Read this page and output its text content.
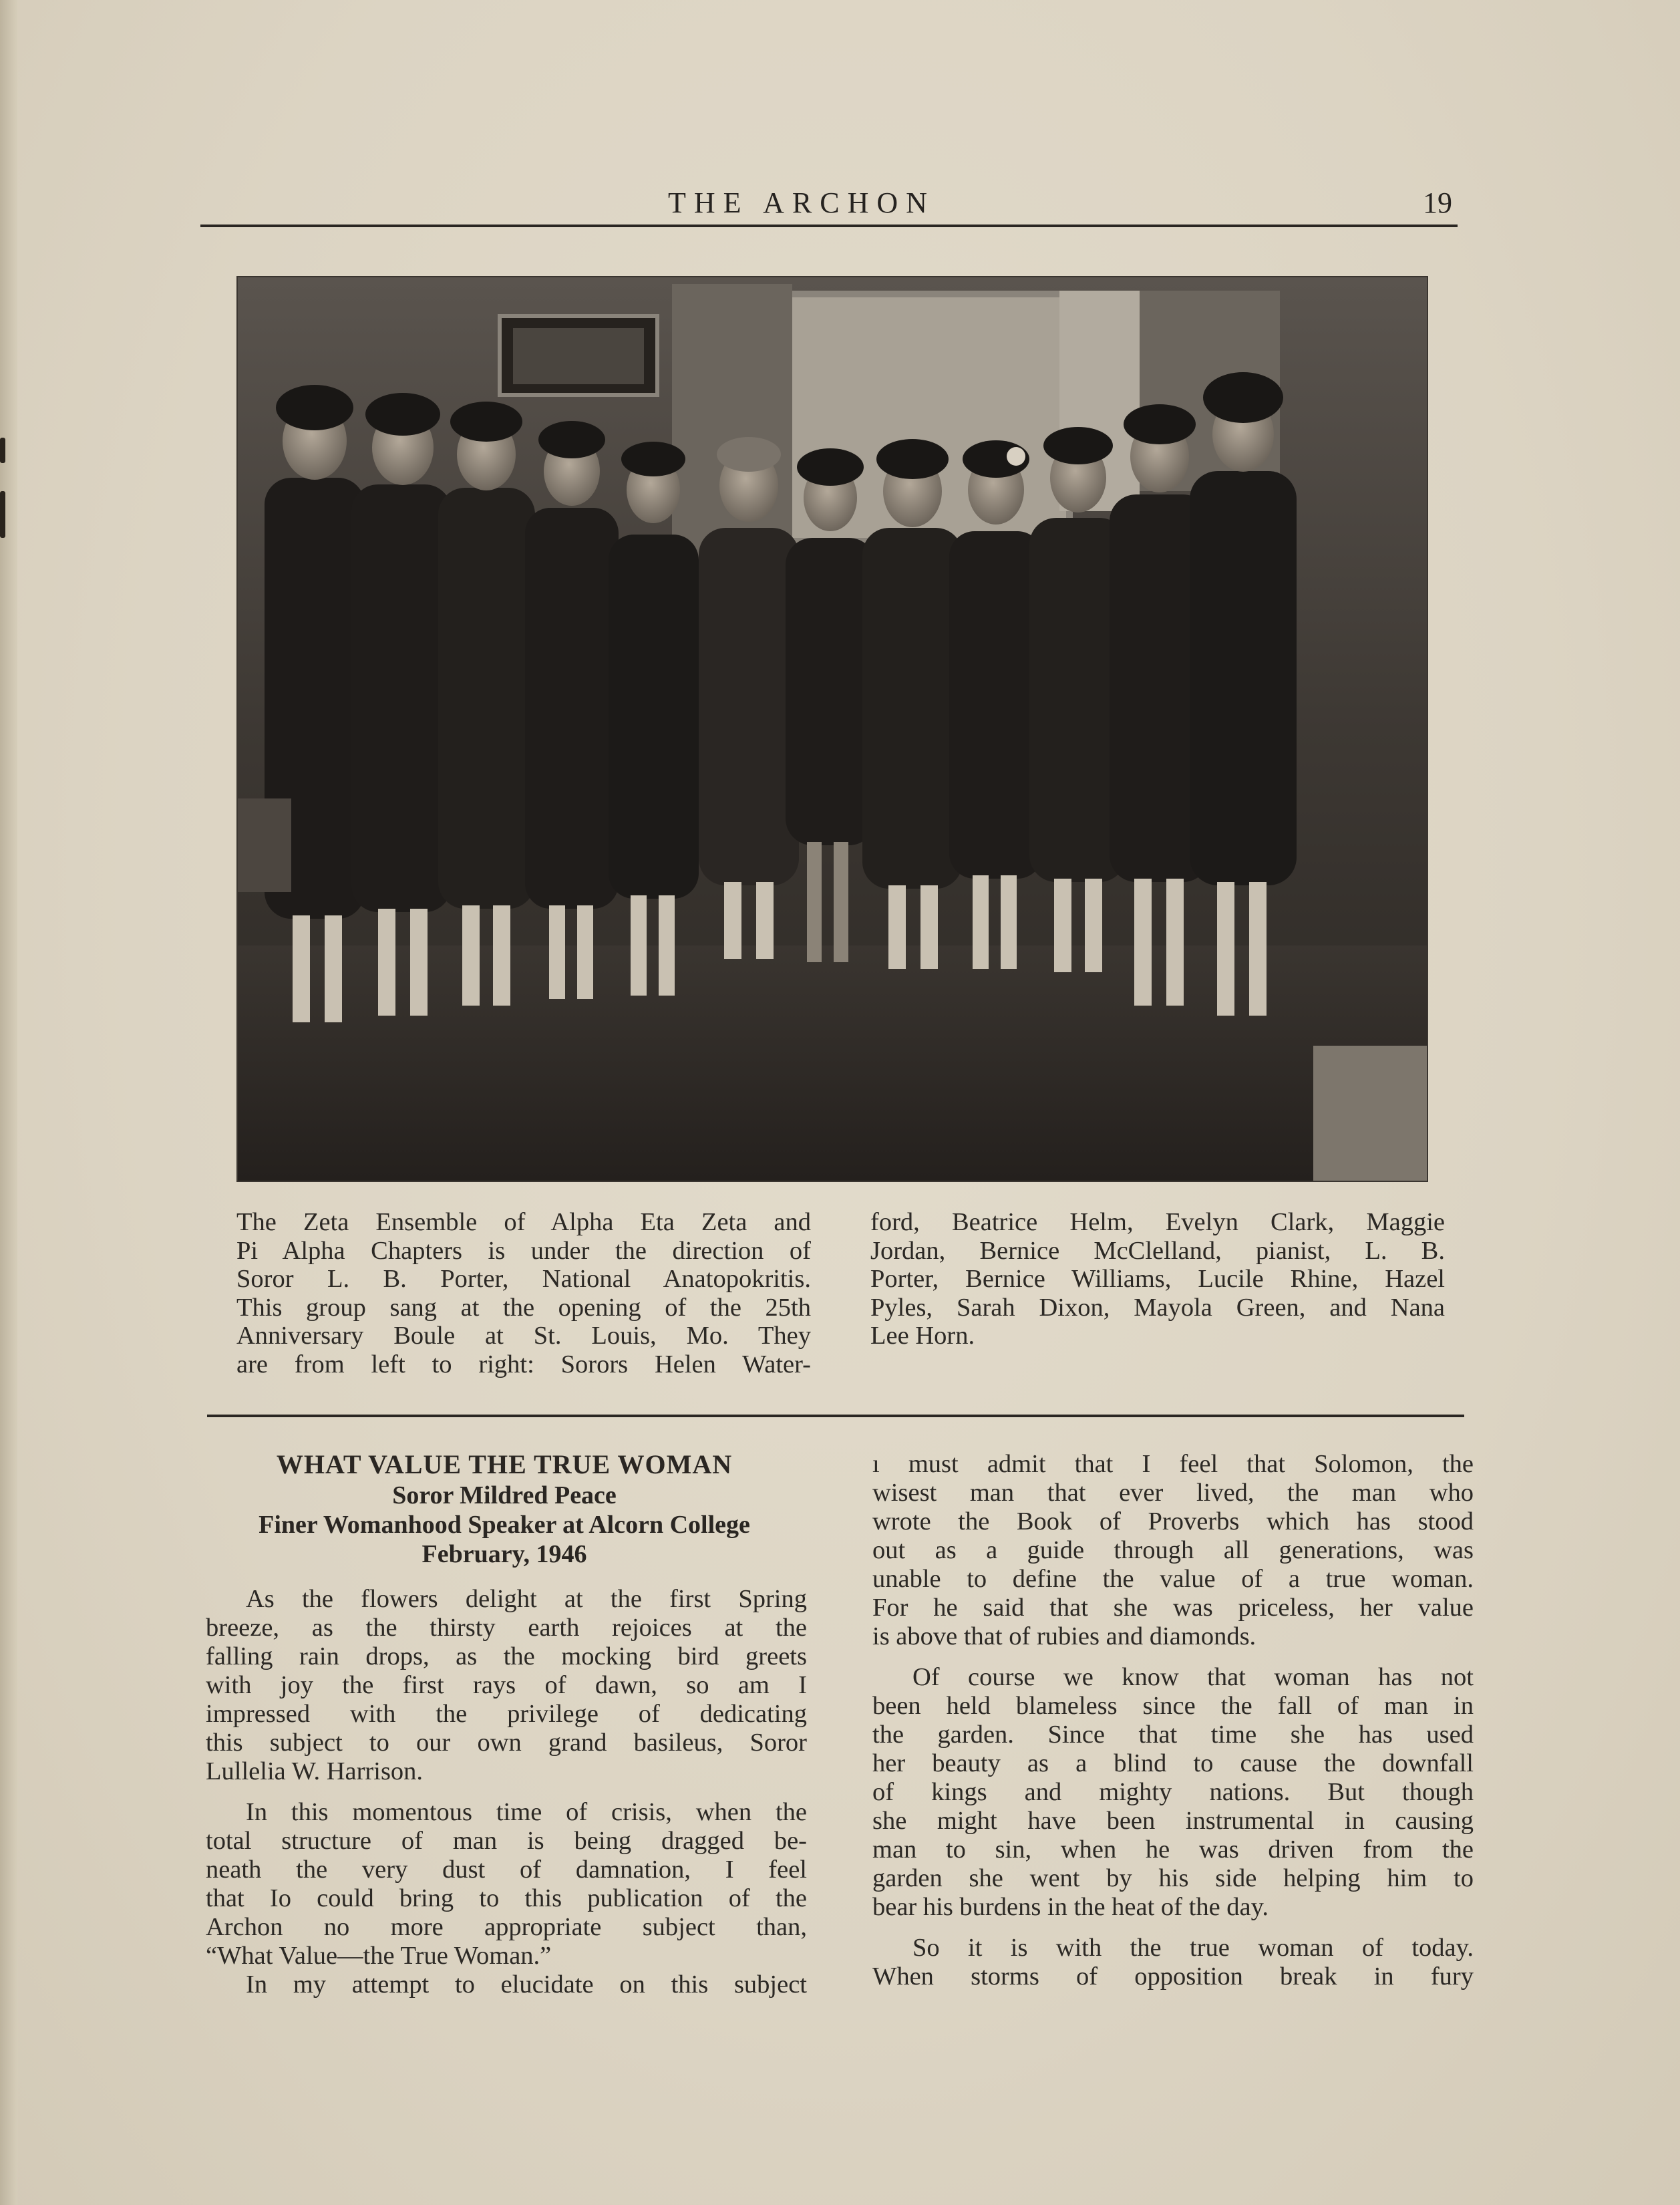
THE ARCHON	19
The Zeta Ensemble of Alpha Eta Zeta and
Pi Alpha Chapters is under the direction of
Soror L. B. Porter, National Anatopokritis.
This group sang at the opening of the 25th
Anniversary Boule at St. Louis, Mo. They
are from left to right: Sorors Helen Water-
ford, Beatrice Helm, Evelyn Clark, Maggie
Jordan, Bernice McClelland, pianist, L. B.
Porter, Bernice Williams, Lucile Rhine, Hazel
Pyles, Sarah Dixon, Mayola Green, and Nana
Lee Horn.
WHAT VALUE THE TRUE WOMAN
Soror Mildred Peace
Finer Womanhood Speaker at Alcorn College
February, 1946
As the flowers delight at the first Spring
breeze, as the thirsty earth rejoices at the
falling rain drops, as the mocking bird greets
with joy the first rays of dawn, so am I
impressed with the privilege of dedicating
this subject to our own grand basileus, Soror
Lullelia W. Harrison.
In this momentous time of crisis, when the
total structure of man is being dragged be-
neath the very dust of damnation, I feel
that Io could bring to this publication of the
Archon no more appropriate subject than,
“What Value—the True Woman.”
In my attempt to elucidate on this subject
ı must admit that I feel that Solomon, the
wisest man that ever lived, the man who
wrote the Book of Proverbs which has stood
out as a guide through all generations, was
unable to define the value of a true woman.
For he said that she was priceless, her value
is above that of rubies and diamonds.
Of course we know that woman has not
been held blameless since the fall of man in
the garden. Since that time she has used
her beauty as a blind to cause the downfall
of kings and mighty nations. But though
she might have been instrumental in causing
man to sin, when he was driven from the
garden she went by his side helping him to
bear his burdens in the heat of the day.
So it is with the true woman of today.
When storms of opposition break in fury
